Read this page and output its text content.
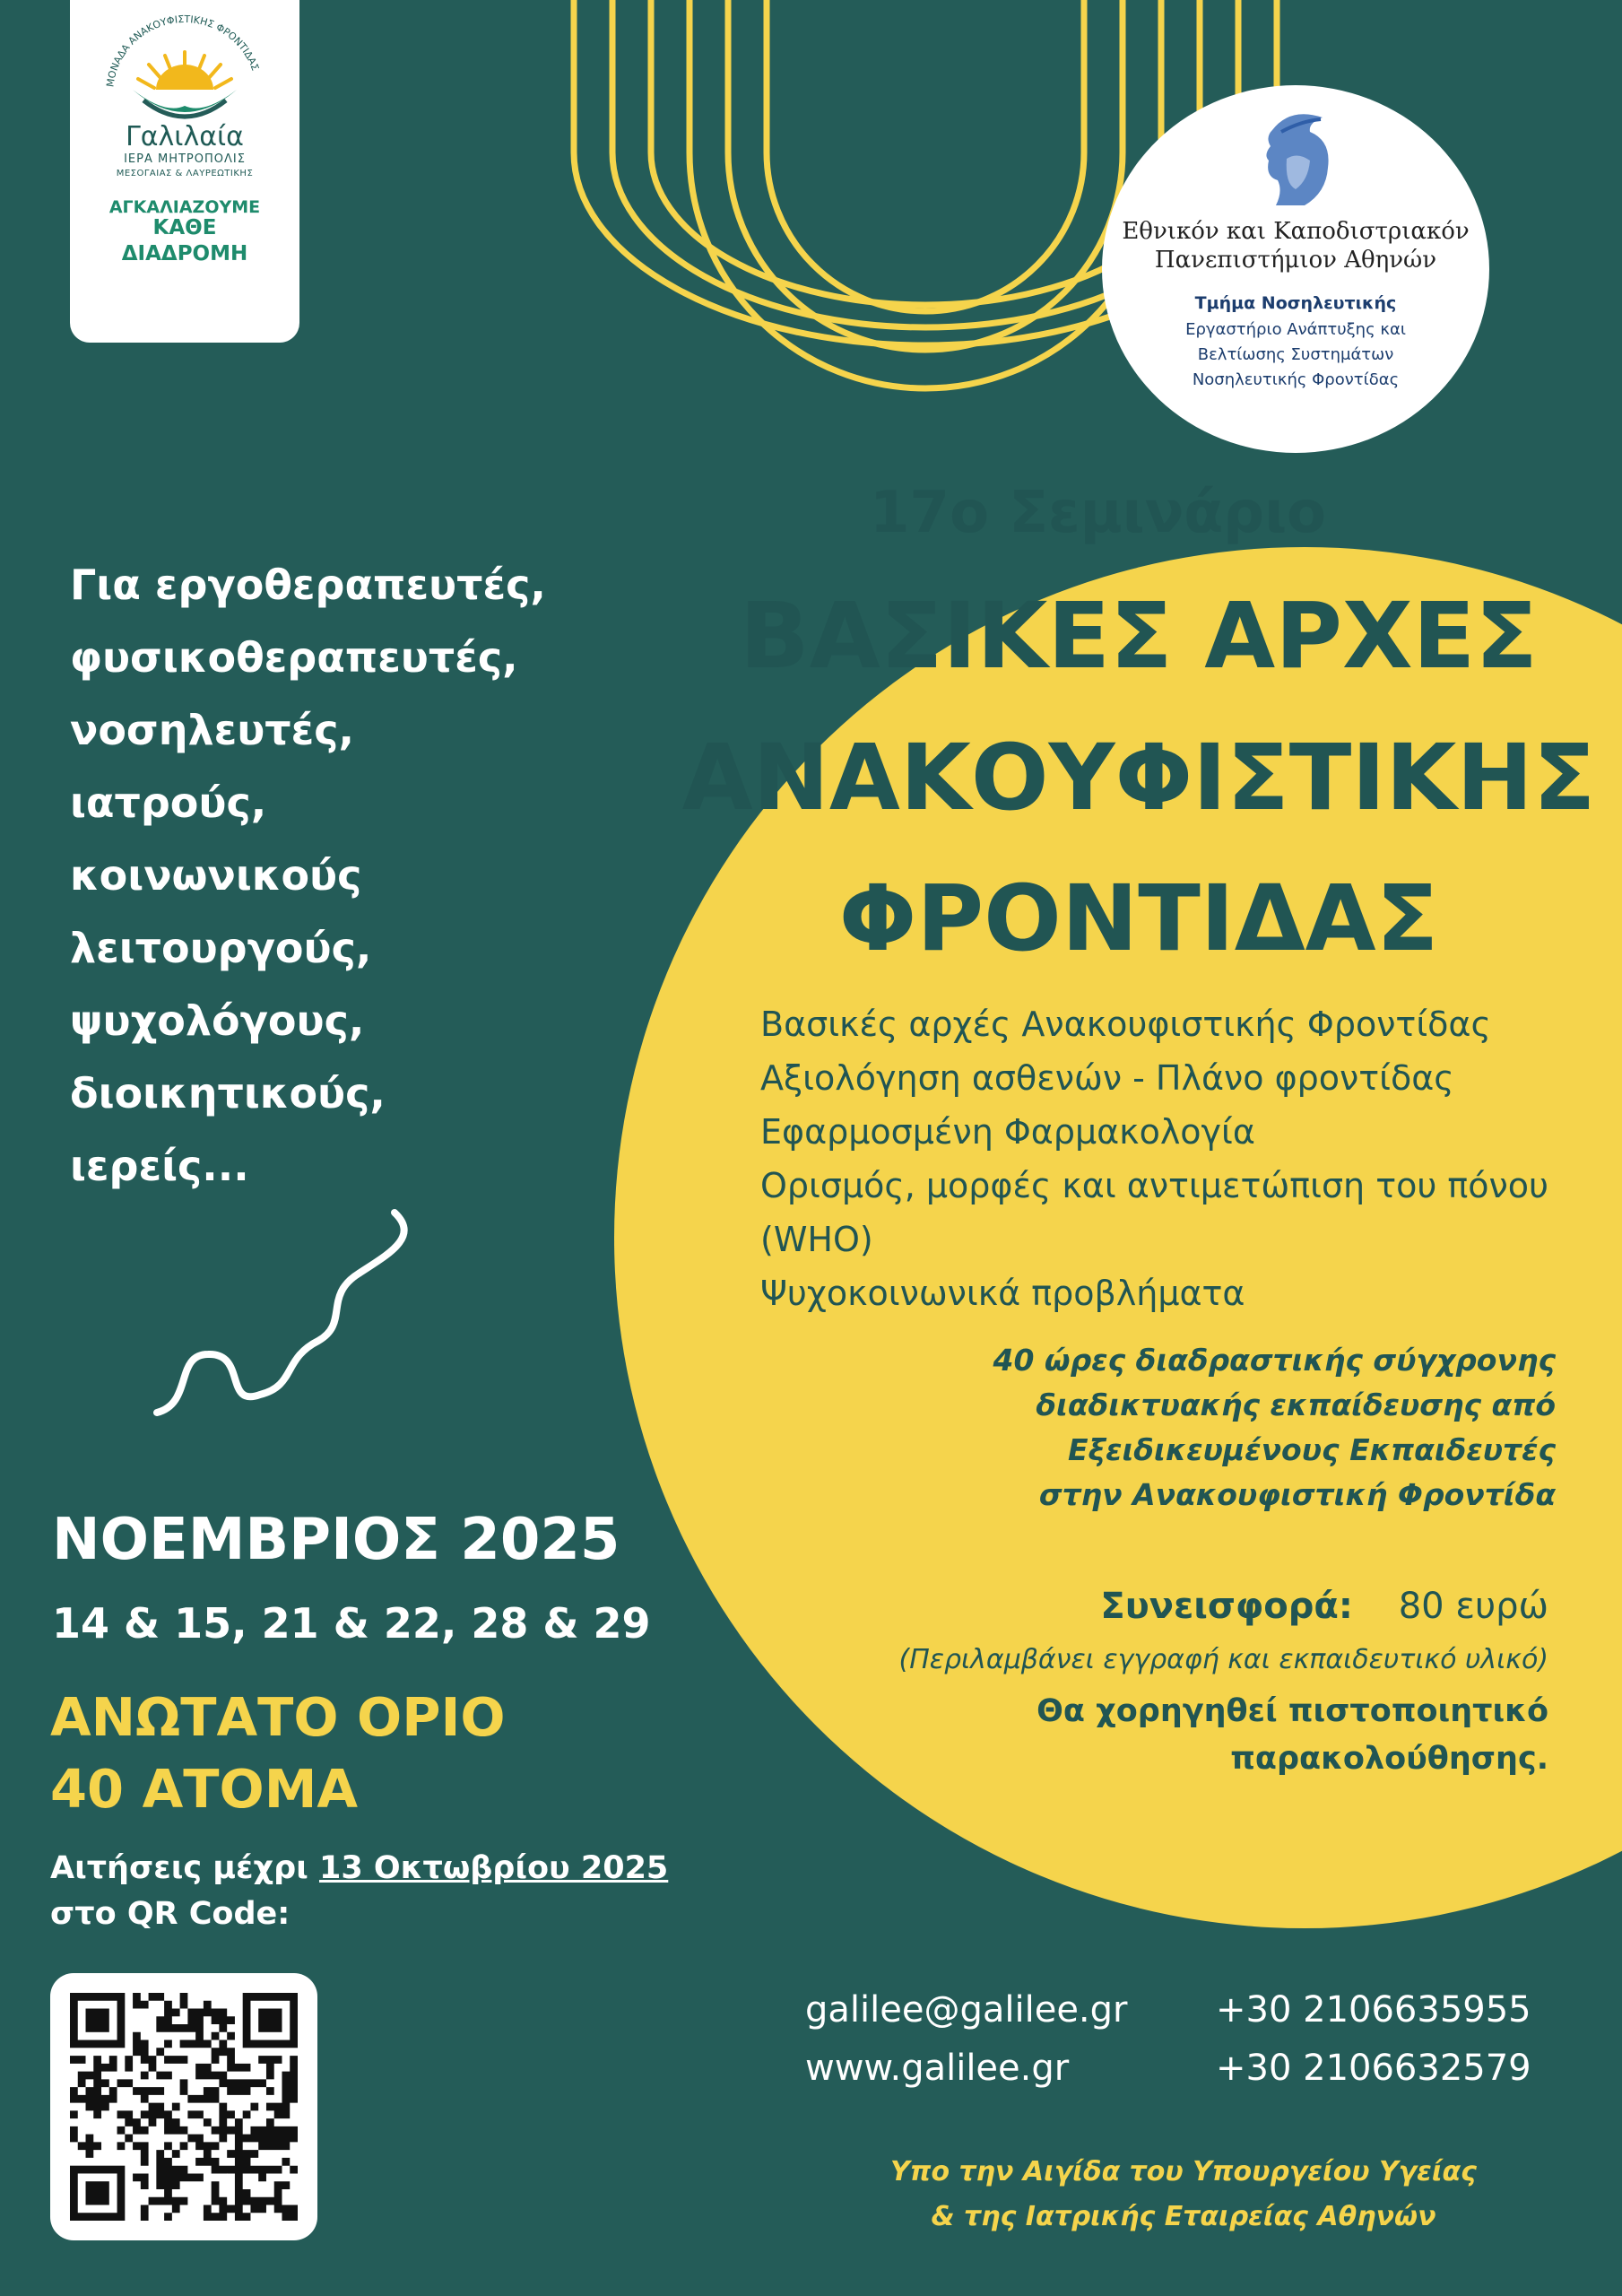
ΜΟΝΑΔΑ ΑΝΑΚΟΥΦΙΣΤΙΚΗΣ ΦΡΟΝΤΙΔΑΣ
Γαλιλαία
ΙΕΡΑ ΜΗΤΡΟΠΟΛΙΣ
ΜΕΣΟΓΑΙΑΣ & ΛΑΥΡΕΩΤΙΚΗΣ
ΑΓΚΑΛΙΑΖΟΥΜΕ
ΚΑΘΕ
ΔΙΑΔΡΟΜΗ
Εθνικόν και Καποδιστριακόν
Πανεπιστήμιον Αθηνών
Τμήμα Νοσηλευτικής
Εργαστήριο Ανάπτυξης και
Βελτίωσης Συστημάτων
Νοσηλευτικής Φροντίδας
Για εργοθεραπευτές,
φυσικοθεραπευτές,
νοσηλευτές,
ιατρούς,
κοινωνικούς
λειτουργούς,
ψυχολόγους,
διοικητικούς,
ιερείς...
ΝΟΕΜΒΡΙΟΣ 2025
14 & 15, 21 & 22, 28 & 29
ΑΝΩΤΑΤΟ ΟΡΙΟ
40 ΑΤΟΜΑ
Αιτήσεις μέχρι 13 Οκτωβρίου 2025
στο QR Code:
17ο Σεμινάριο
ΒΑΣΙΚΕΣ ΑΡΧΕΣ
ΑΝΑΚΟΥΦΙΣΤΙΚΗΣ
ΦΡΟΝΤΙΔΑΣ
Βασικές αρχές Ανακουφιστικής Φροντίδας
Αξιολόγηση ασθενών - Πλάνο φροντίδας
Εφαρμοσμένη Φαρμακολογία
Ορισμός, μορφές και αντιμετώπιση του πόνου
(WHO)
Ψυχοκοινωνικά προβλήματα
40 ώρες διαδραστικής σύγχρονης
διαδικτυακής εκπαίδευσης από
Εξειδικευμένους Εκπαιδευτές
στην Ανακουφιστική Φροντίδα
Συνεισφορά: 80 ευρώ
(Περιλαμβάνει εγγραφή και εκπαιδευτικό υλικό)
Θα χορηγηθεί πιστοποιητικό
παρακολούθησης.
galilee@galilee.gr
www.galilee.gr
+30 2106635955
+30 2106632579
Υπο την Αιγίδα του Υπουργείου Υγείας
& της Ιατρικής Εταιρείας Αθηνών
